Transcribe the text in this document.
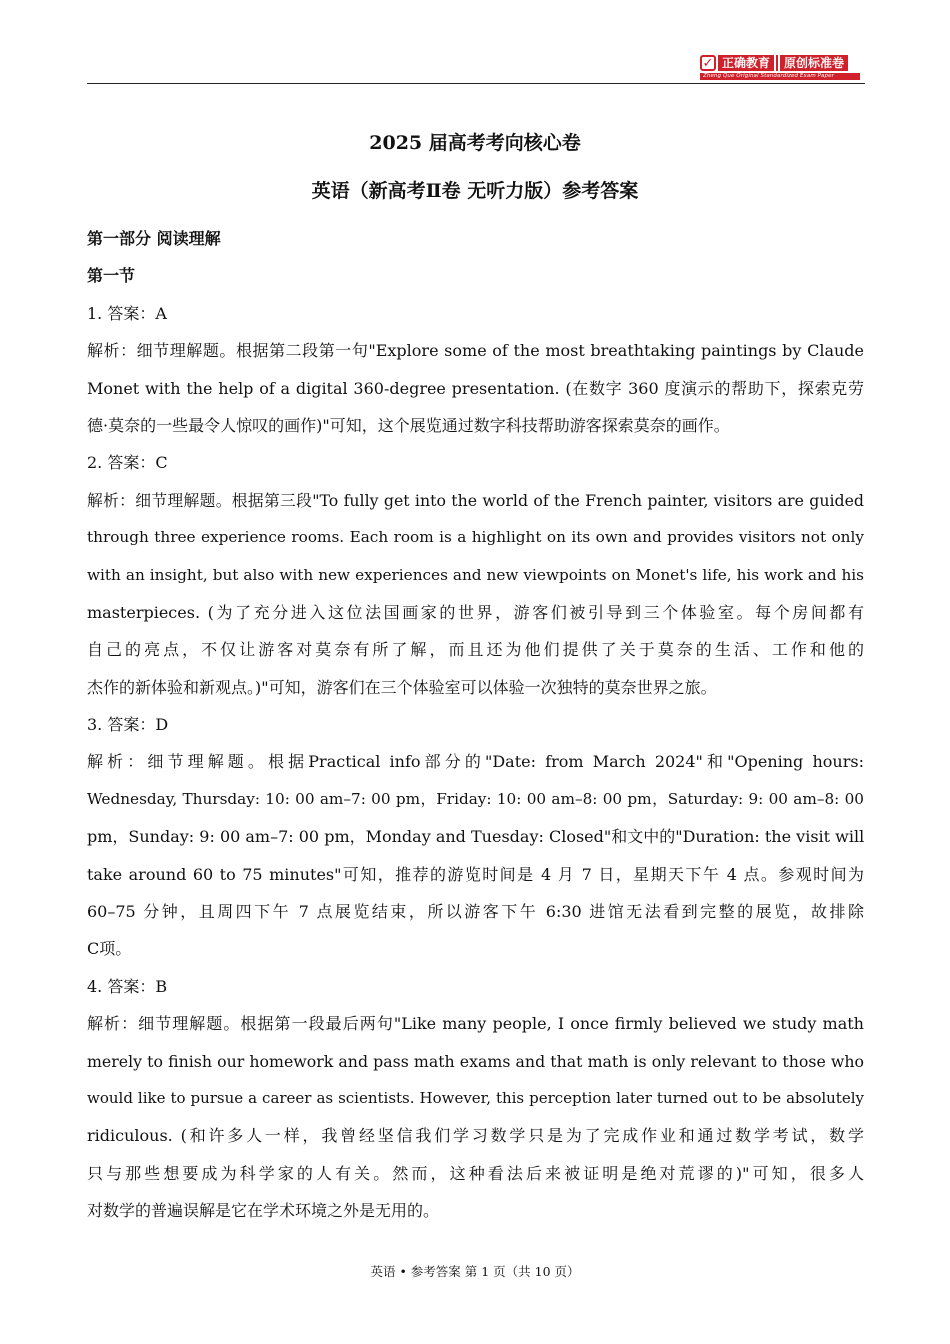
✓ 正确教育	原创标准卷
Zheng Que Original Standardized Exam Paper
2025 届高考考向核心卷
英语（新高考Ⅱ卷 无听力版）参考答案
第一部分 阅读理解
第一节
1. 答案：A
解析：细节理解题。根据第二段第一句"Explore some of the most breathtaking paintings by Claude
Monet with the help of a digital 360-degree presentation. (在数字 360 度演示的帮助下，探索克劳
德·莫奈的一些最令人惊叹的画作)"可知，这个展览通过数字科技帮助游客探索莫奈的画作。
2. 答案：C
解析：细节理解题。根据第三段"To fully get into the world of the French painter, visitors are guided
through three experience rooms. Each room is a highlight on its own and provides visitors not only
with an insight, but also with new experiences and new viewpoints on Monet's life, his work and his
masterpieces. (为了充分进入这位法国画家的世界，游客们被引导到三个体验室。每个房间都有
自己的亮点，不仅让游客对莫奈有所了解，而且还为他们提供了关于莫奈的生活、工作和他的
杰作的新体验和新观点。)"可知，游客们在三个体验室可以体验一次独特的莫奈世界之旅。
3. 答案：D
解析：细节理解题。根据Practical info部分的"Date: from March 2024"和"Opening hours:
Wednesday, Thursday: 10: 00 am–7: 00 pm，Friday: 10: 00 am–8: 00 pm，Saturday: 9: 00 am–8: 00
pm，Sunday: 9: 00 am–7: 00 pm，Monday and Tuesday: Closed"和文中的"Duration: the visit will
take around 60 to 75 minutes"可知，推荐的游览时间是 4 月 7 日，星期天下午 4 点。参观时间为
60–75 分钟，且周四下午 7 点展览结束，所以游客下午 6:30 进馆无法看到完整的展览，故排除
C项。
4. 答案：B
解析：细节理解题。根据第一段最后两句"Like many people, I once firmly believed we study math
merely to finish our homework and pass math exams and that math is only relevant to those who
would like to pursue a career as scientists. However, this perception later turned out to be absolutely
ridiculous. (和许多人一样，我曾经坚信我们学习数学只是为了完成作业和通过数学考试，数学
只与那些想要成为科学家的人有关。然而，这种看法后来被证明是绝对荒谬的)"可知，很多人
对数学的普遍误解是它在学术环境之外是无用的。
英语 • 参考答案 第 1 页（共 10 页）
